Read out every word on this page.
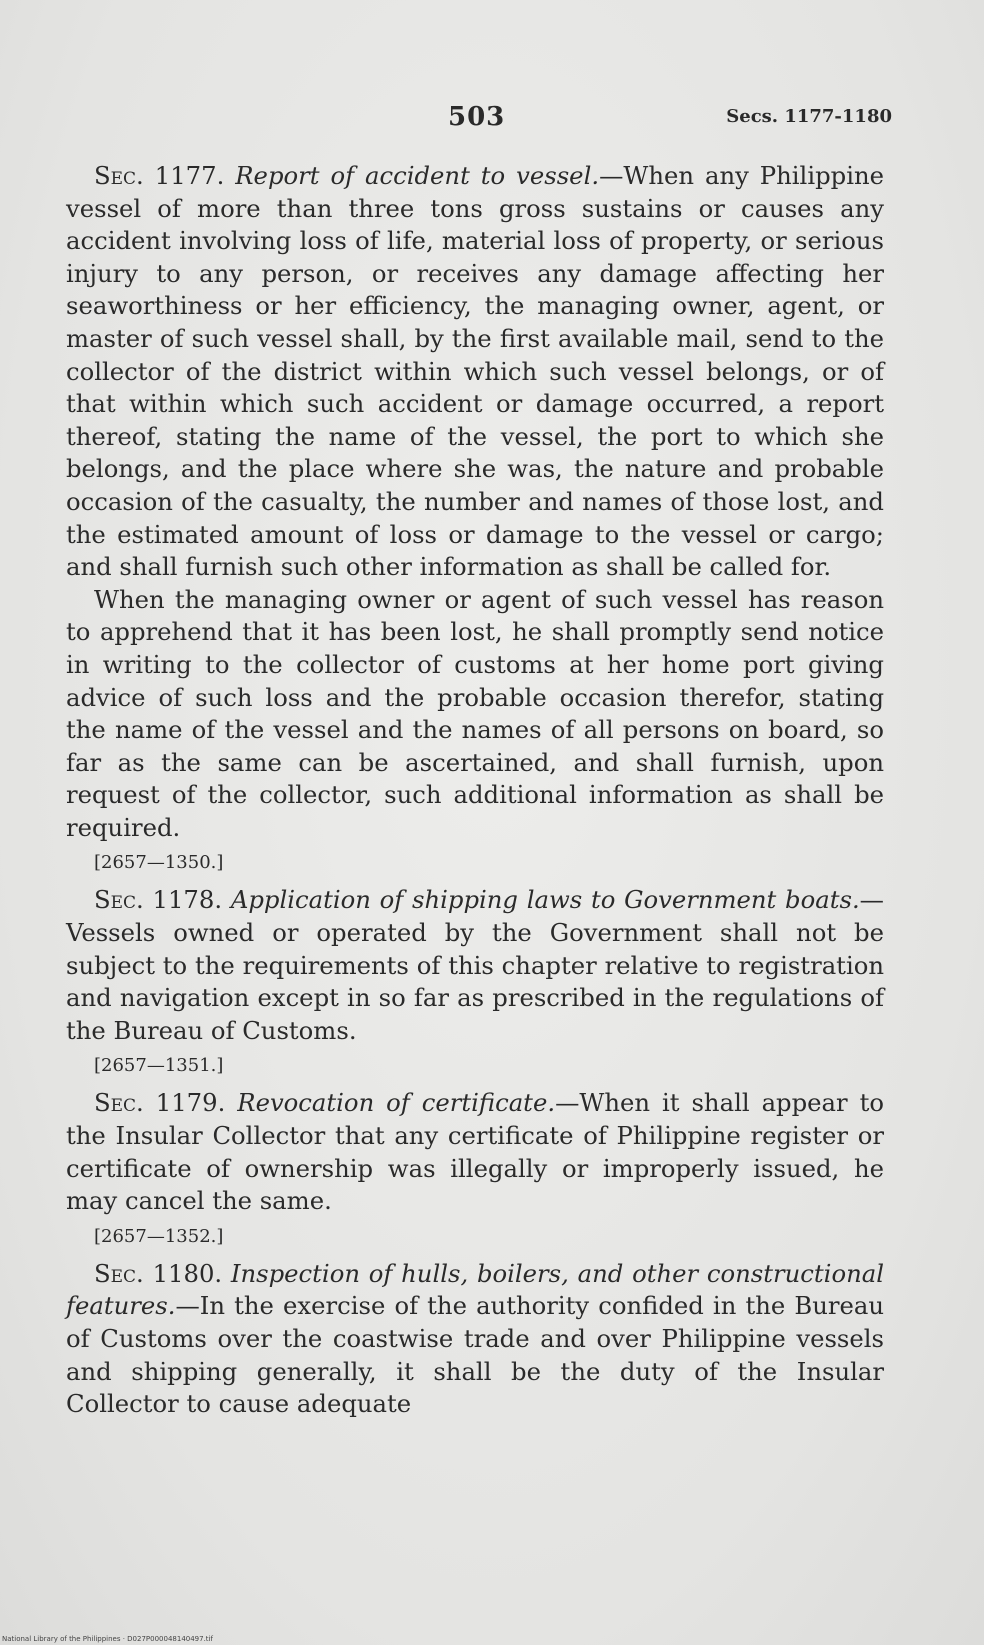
503	Secs. 1177-1180

Sec. 1177. Report of accident to vessel.—When any Philippine vessel of more than three tons gross sustains or causes any accident involving loss of life, material loss of property, or serious injury to any person, or receives any damage affecting her seaworthiness or her efficiency, the managing owner, agent, or master of such vessel shall, by the first available mail, send to the collector of the district within which such vessel belongs, or of that within which such accident or damage occurred, a report thereof, stating the name of the vessel, the port to which she belongs, and the place where she was, the nature and probable occasion of the casualty, the number and names of those lost, and the estimated amount of loss or damage to the vessel or cargo; and shall furnish such other information as shall be called for.

When the managing owner or agent of such vessel has reason to apprehend that it has been lost, he shall promptly send notice in writing to the collector of customs at her home port giving advice of such loss and the probable occasion therefor, stating the name of the vessel and the names of all persons on board, so far as the same can be ascertained, and shall furnish, upon request of the collector, such additional information as shall be required.

[2657—1350.]

Sec. 1178. Application of shipping laws to Government boats.—Vessels owned or operated by the Government shall not be subject to the requirements of this chapter relative to registration and navigation except in so far as prescribed in the regulations of the Bureau of Customs.

[2657—1351.]

Sec. 1179. Revocation of certificate.—When it shall appear to the Insular Collector that any certificate of Philippine register or certificate of ownership was illegally or improperly issued, he may cancel the same.

[2657—1352.]

Sec. 1180. Inspection of hulls, boilers, and other constructional features.—In the exercise of the authority confided in the Bureau of Customs over the coastwise trade and over Philippine vessels and shipping generally, it shall be the duty of the Insular Collector to cause adequate

National Library of the Philippines · D027P000048140497.tif
